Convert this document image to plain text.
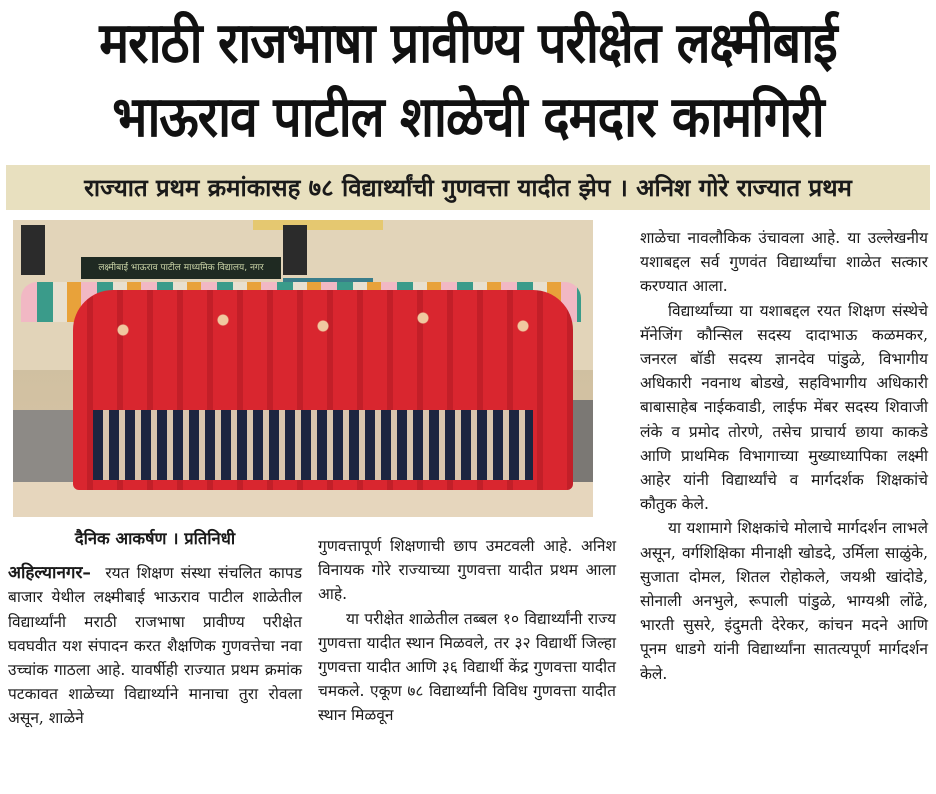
मराठी राजभाषा प्रावीण्य परीक्षेत लक्ष्मीबाई
भाऊराव पाटील शाळेची दमदार कामगिरी
राज्यात प्रथम क्रमांकासह ७८ विद्यार्थ्यांची गुणवत्ता यादीत झेप । अनिश गोरे राज्यात प्रथम
लक्ष्मीबाई भाऊराव पाटील माध्यमिक विद्यालय, नगर

दैनिक आकर्षण । प्रतिनिधी

अहिल्यानगर– रयत शिक्षण संस्था संचलित कापड बाजार येथील लक्ष्मीबाई भाऊराव पाटील शाळेतील विद्यार्थ्यांनी मराठी राजभाषा प्रावीण्य परीक्षेत घवघवीत यश संपादन करत शैक्षणिक गुणवत्तेचा नवा उच्चांक गाठला आहे. यावर्षीही राज्यात प्रथम क्रमांक पटकावत शाळेच्या विद्यार्थ्याने मानाचा तुरा रोवला असून, शाळेने

गुणवत्तापूर्ण शिक्षणाची छाप उमटवली आहे. अनिश विनायक गोरे राज्याच्या गुणवत्ता यादीत प्रथम आला आहे.

या परीक्षेत शाळेतील तब्बल १० विद्यार्थ्यांनी राज्य गुणवत्ता यादीत स्थान मिळवले, तर ३२ विद्यार्थी जिल्हा गुणवत्ता यादीत आणि ३६ विद्यार्थी केंद्र गुणवत्ता यादीत चमकले. एकूण ७८ विद्यार्थ्यांनी विविध गुणवत्ता यादीत स्थान मिळवून

शाळेचा नावलौकिक उंचावला आहे. या उल्लेखनीय यशाबद्दल सर्व गुणवंत विद्यार्थ्यांचा शाळेत सत्कार करण्यात आला.

विद्यार्थ्यांच्या या यशाबद्दल रयत शिक्षण संस्थेचे मॅनेजिंग कौन्सिल सदस्य दादाभाऊ कळमकर, जनरल बॉडी सदस्य ज्ञानदेव पांडुळे, विभागीय अधिकारी नवनाथ बोडखे, सहविभागीय अधिकारी बाबासाहेब नाईकवाडी, लाईफ मेंबर सदस्य शिवाजी लंके व प्रमोद तोरणे, तसेच प्राचार्य छाया काकडे आणि प्राथमिक विभागाच्या मुख्याध्यापिका लक्ष्मी आहेर यांनी विद्यार्थ्यांचे व मार्गदर्शक शिक्षकांचे कौतुक केले.

या यशामागे शिक्षकांचे मोलाचे मार्गदर्शन लाभले असून, वर्गशिक्षिका मीनाक्षी खोडदे, उर्मिला साळुंके, सुजाता दोमल, शितल रोहोकले, जयश्री खांदोडे, सोनाली अनभुले, रूपाली पांडुळे, भाग्यश्री लोंढे, भारती सुसरे, इंदुमती देरेकर, कांचन मदने आणि पूनम धाडगे यांनी विद्यार्थ्यांना सातत्यपूर्ण मार्गदर्शन केले.
